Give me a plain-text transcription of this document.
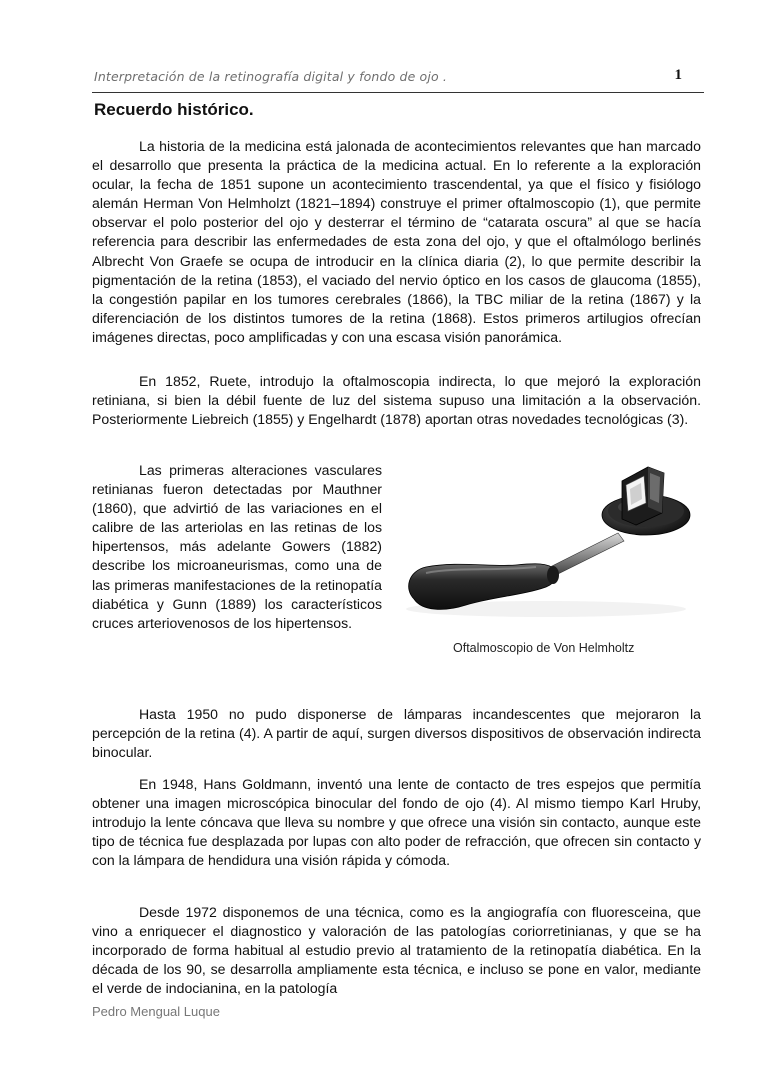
Interpretación de la retinografía digital y fondo de ojo .	1
Recuerdo histórico.

La historia de la medicina está jalonada de acontecimientos relevantes que han marcado el desarrollo que presenta la práctica de la medicina actual. En lo referente a la exploración ocular, la fecha de 1851 supone un acontecimiento trascendental, ya que el físico y fisiólogo alemán Herman Von Helmholzt (1821–1894) construye el primer oftalmoscopio (1), que permite observar el polo posterior del ojo y desterrar el término de “catarata oscura” al que se hacía referencia para describir las enfermedades de esta zona del ojo, y que el oftalmólogo berlinés Albrecht Von Graefe se ocupa de introducir en la clínica diaria (2), lo que permite describir la pigmentación de la retina (1853), el vaciado del nervio óptico en los casos de glaucoma (1855), la congestión papilar en los tumores cerebrales (1866), la TBC miliar de la retina (1867) y la diferenciación de los distintos tumores de la retina (1868). Estos primeros artilugios ofrecían imágenes directas, poco amplificadas y con una escasa visión panorámica.

En 1852, Ruete, introdujo la oftalmoscopia indirecta, lo que mejoró la exploración retiniana, si bien la débil fuente de luz del sistema supuso una limitación a la observación. Posteriormente Liebreich (1855) y Engelhardt (1878) aportan otras novedades tecnológicas (3).

Las primeras alteraciones vasculares retinianas fueron detectadas por Mauthner (1860), que advirtió de las variaciones en el calibre de las arteriolas en las retinas de los hipertensos, más adelante Gowers (1882) describe los microaneurismas, como una de las primeras manifestaciones de la retinopatía diabética y Gunn (1889) los característicos cruces arteriovenosos de los hipertensos.

Oftalmoscopio de Von Helmholtz

Hasta 1950 no pudo disponerse de lámparas incandescentes que mejoraron la percepción de la retina (4). A partir de aquí, surgen diversos dispositivos de observación indirecta binocular.

En 1948, Hans Goldmann, inventó una lente de contacto de tres espejos que permitía obtener una imagen microscópica binocular del fondo de ojo (4). Al mismo tiempo Karl Hruby, introdujo la lente cóncava que lleva su nombre y que ofrece una visión sin contacto, aunque este tipo de técnica fue desplazada por lupas con alto poder de refracción, que ofrecen sin contacto y con la lámpara de hendidura una visión rápida y cómoda.

Desde 1972 disponemos de una técnica, como es la angiografía con fluoresceina, que vino a enriquecer el diagnostico y valoración de las patologías coriorretinianas, y que se ha incorporado de forma habitual al estudio previo al tratamiento de la retinopatía diabética. En la década de los 90, se desarrolla ampliamente esta técnica, e incluso se pone en valor, mediante el verde de indocianina, en la patología

Pedro Mengual Luque
